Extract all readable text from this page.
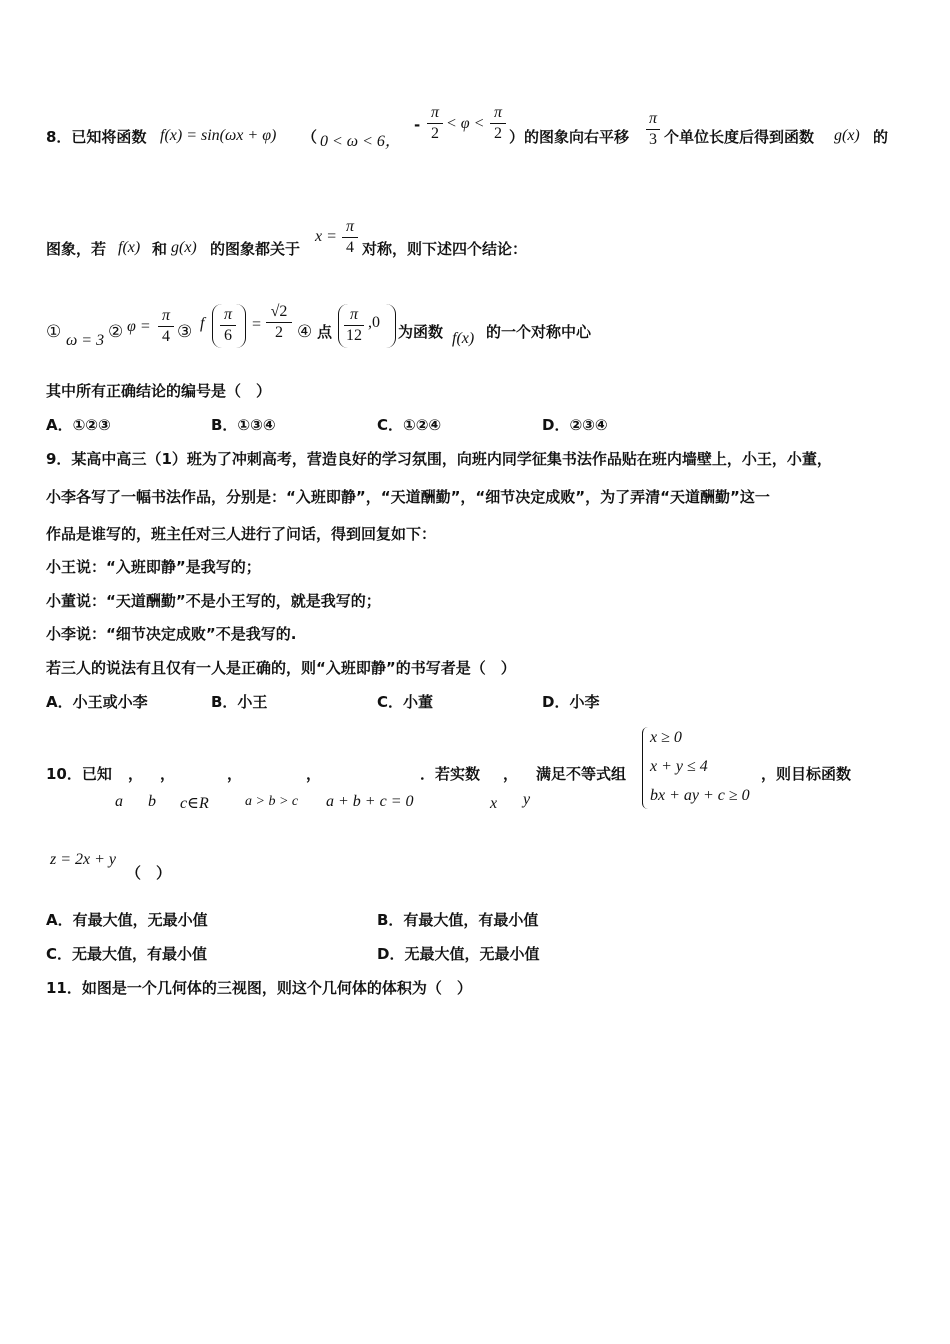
8．已知将函数 f(x) = sin(ωx + φ) （ 0 < ω < 6，
-
π
2
< φ <
π
2 ）的图象向右平移
π
3 个单位长度后得到函数 g(x) 的
图象，若 f(x) 和 g(x) 的图象都关于
x =
π
4 对称，则下述四个结论：
① ω = 3 ② φ =
π
4 ③ f
π
6
=
√2
2 ④ 点
π
12
,0
为函数 f(x) 的一个对称中心
其中所有正确结论的编号是（　）
A．①②③	B．①③④	C．①②④	D．②③④
9．某高中高三（1）班为了冲刺高考，营造良好的学习氛围，向班内同学征集书法作品贴在班内墙壁上，小王，小董，
小李各写了一幅书法作品，分别是：“入班即静”，“天道酬勤”，“细节决定成败”，为了弄清“天道酬勤”这一
作品是谁写的，班主任对三人进行了问话，得到回复如下：
小王说：“入班即静”是我写的；
小董说：“天道酬勤”不是小王写的，就是我写的；
小李说：“细节决定成败”不是我写的.
若三人的说法有且仅有一人是正确的，则“入班即静”的书写者是（　）
A．小王或小李	B．小王	C．小董	D．小李
10．已知 ， ，	，	，	．若实数 ， 满足不等式组
a b c∈R	a > b > c a + b + c = 0	x y
x ≥ 0
x + y ≤ 4
bx + ay + c ≥ 0
，则目标函数
z = 2x + y
（　）
A．有最大值，无最小值	B．有最大值，有最小值
C．无最大值，有最小值	D．无最大值，无最小值
11．如图是一个几何体的三视图，则这个几何体的体积为（　）
